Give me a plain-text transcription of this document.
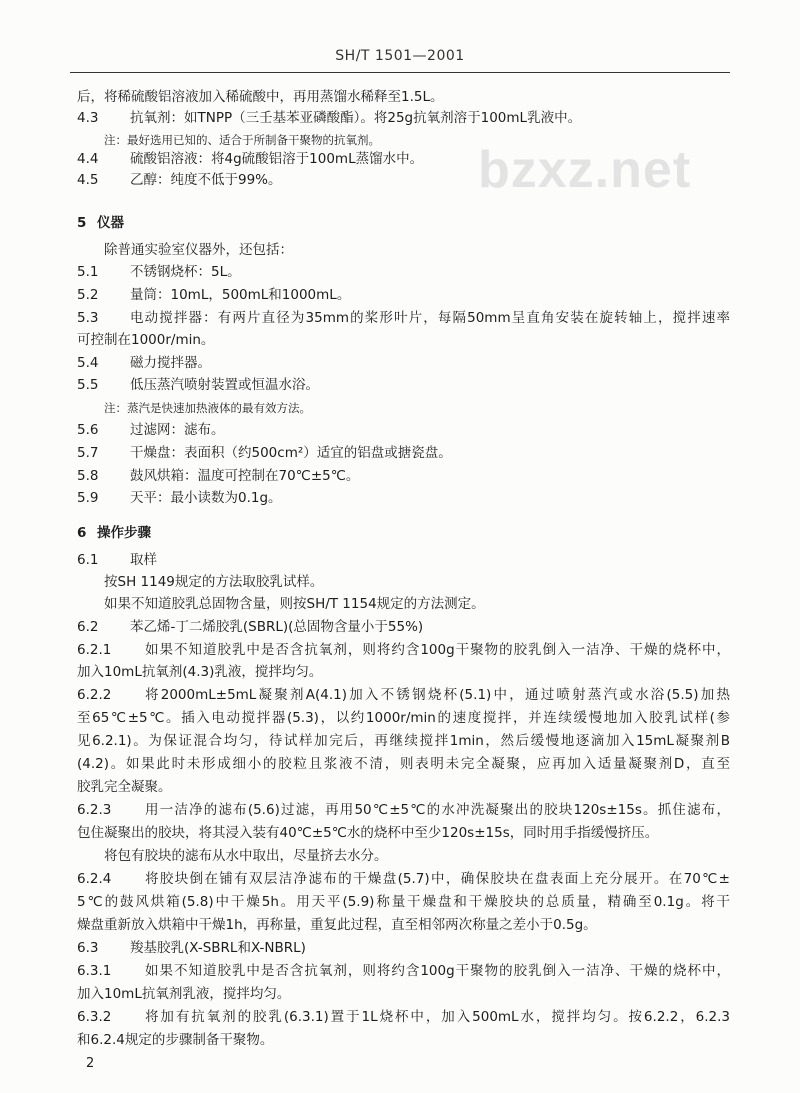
SH/T 1501—2001
bzxz.net
后，将稀硫酸铝溶液加入稀硫酸中，再用蒸馏水稀释至1.5L。
4.3 抗氧剂：如TNPP（三壬基苯亚磷酸酯）。将25g抗氧剂溶于100mL乳液中。
注：最好选用已知的、适合于所制备干聚物的抗氧剂。
4.4 硫酸铝溶液：将4g硫酸铝溶于100mL蒸馏水中。
4.5 乙醇：纯度不低于99%。
5 仪器
除普通实验室仪器外，还包括：
5.1 不锈钢烧杯：5L。
5.2 量筒：10mL，500mL和1000mL。
5.3 电动搅拌器：有两片直径为35mm的桨形叶片，每隔50mm呈直角安装在旋转轴上，搅拌速率
可控制在1000r/min。
5.4 磁力搅拌器。
5.5 低压蒸汽喷射装置或恒温水浴。
注：蒸汽是快速加热液体的最有效方法。
5.6 过滤网：滤布。
5.7 干燥盘：表面积（约500cm²）适宜的铝盘或搪瓷盘。
5.8 鼓风烘箱：温度可控制在70℃±5℃。
5.9 天平：最小读数为0.1g。
6 操作步骤
6.1 取样
按SH 1149规定的方法取胶乳试样。
如果不知道胶乳总固物含量，则按SH/T 1154规定的方法测定。
6.2 苯乙烯-丁二烯胶乳(SBRL)(总固物含量小于55%)
6.2.1 如果不知道胶乳中是否含抗氧剂，则将约含100g干聚物的胶乳倒入一洁净、干燥的烧杯中，
加入10mL抗氧剂(4.3)乳液，搅拌均匀。
6.2.2 将2000mL±5mL凝聚剂A(4.1)加入不锈钢烧杯(5.1)中，通过喷射蒸汽或水浴(5.5)加热
至65℃±5℃。插入电动搅拌器(5.3)，以约1000r/min的速度搅拌，并连续缓慢地加入胶乳试样(参
见6.2.1)。为保证混合均匀，待试样加完后，再继续搅拌1min，然后缓慢地逐滴加入15mL凝聚剂B
(4.2)。如果此时未形成细小的胶粒且浆液不清，则表明未完全凝聚，应再加入适量凝聚剂D，直至
胶乳完全凝聚。
6.2.3 用一洁净的滤布(5.6)过滤，再用50℃±5℃的水冲洗凝聚出的胶块120s±15s。抓住滤布，
包住凝聚出的胶块，将其浸入装有40℃±5℃水的烧杯中至少120s±15s，同时用手指缓慢挤压。
将包有胶块的滤布从水中取出，尽量挤去水分。
6.2.4 将胶块倒在铺有双层洁净滤布的干燥盘(5.7)中，确保胶块在盘表面上充分展开。在70℃±
5℃的鼓风烘箱(5.8)中干燥5h。用天平(5.9)称量干燥盘和干燥胶块的总质量，精确至0.1g。将干
燥盘重新放入烘箱中干燥1h，再称量，重复此过程，直至相邻两次称量之差小于0.5g。
6.3 羧基胶乳(X-SBRL和X-NBRL)
6.3.1 如果不知道胶乳中是否含抗氧剂，则将约含100g干聚物的胶乳倒入一洁净、干燥的烧杯中，
加入10mL抗氧剂乳液，搅拌均匀。
6.3.2 将加有抗氧剂的胶乳(6.3.1)置于1L烧杯中，加入500mL水，搅拌均匀。按6.2.2，6.2.3
和6.2.4规定的步骤制备干聚物。
2
